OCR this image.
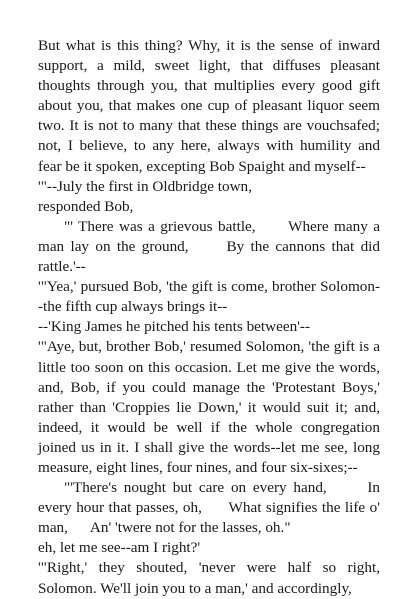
But what is this thing? Why, it is the sense of inward support, a mild, sweet light, that diffuses pleasant thoughts through you, that multiplies every good gift about you, that makes one cup of pleasant liquor seem two. It is not to many that these things are vouchsafed; not, I believe, to any here, always with humility and fear be it spoken, excepting Bob Spaight and myself--

'"--July the first in Oldbridge town,

responded Bob,

"' There was a grievous battle,      Where many a man lay on the ground,      By the cannons that did rattle.'--

'"Yea,' pursued Bob, 'the gift is come, brother Solomon--the fifth cup always brings it--

--'King James he pitched his tents between'--

'"Aye, but, brother Bob,' resumed Solomon, 'the gift is a little too soon on this occasion. Let me give the words, and, Bob, if you could manage the 'Protestant Boys,' rather than 'Croppies lie Down,' it would suit it; and, indeed, it would be well if the whole congregation joined us in it. I shall give the words--let me see, long measure, eight lines, four nines, and four six-sixes;--

"'There's nought but care on every hand,      In every hour that passes, oh,      What signifies the life o' man,      An' 'twere not for the lasses, oh."

eh, let me see--am I right?'

'"Right,' they shouted, 'never were half so right, Solomon. We'll join you to a man,' and accordingly,
